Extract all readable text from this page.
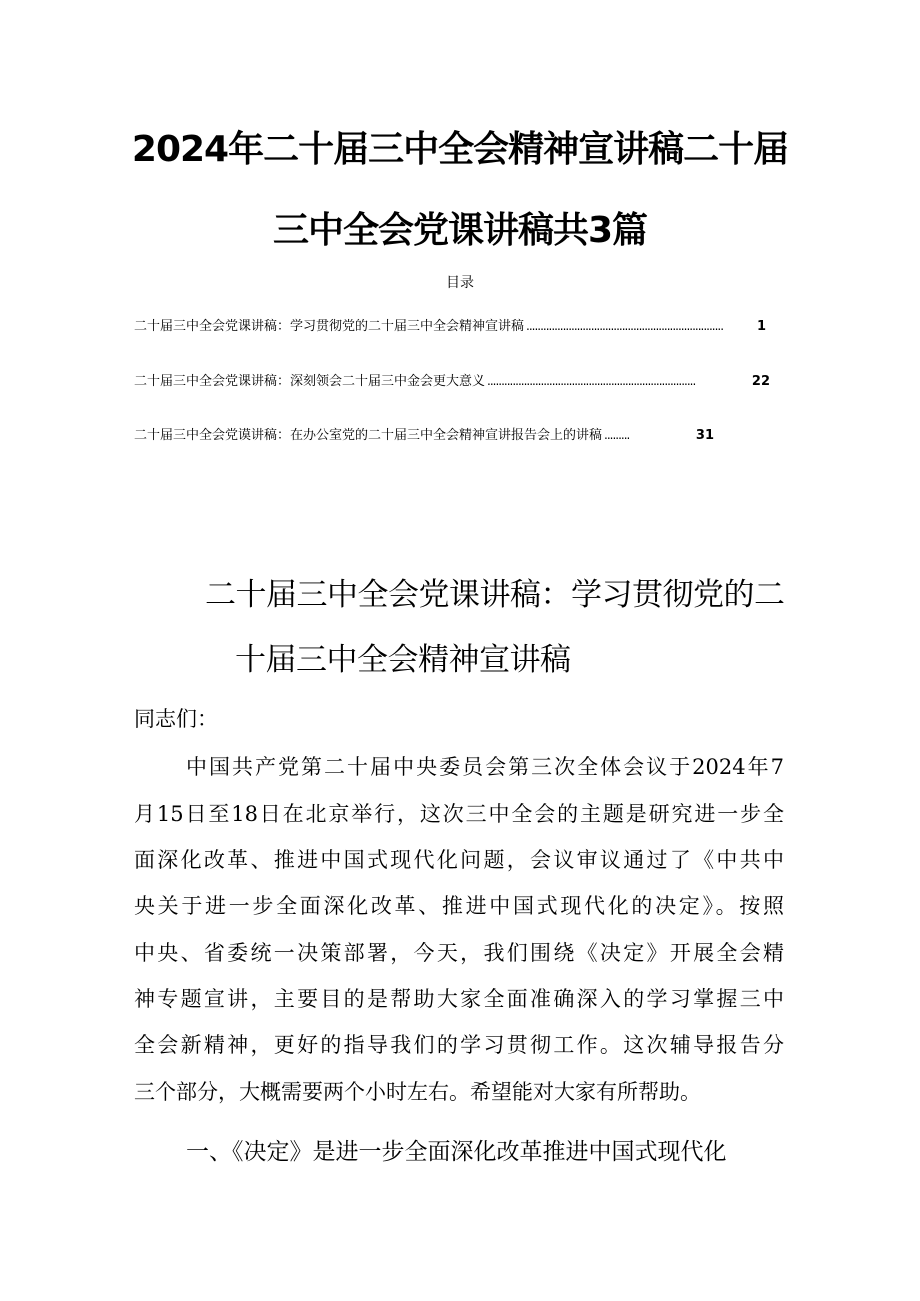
2024年二十届三中全会精神宣讲稿二十届
三中全会党课讲稿共3篇
目录
二十届三中全会党课讲稿：学习贯彻党的二十届三中全会精神宣讲稿 ......................................................................	1
二十届三中全会党课讲稿：深刻领会二十届三中金会更大意义 ..........................................................................	22
二十届三中全会党谟讲稿：在办公室党的二十届三中全会精神宣讲报告会上的讲稿 .........	31
二十届三中全会党课讲稿：学习贯彻党的二
十届三中全会精神宣讲稿
同志们：
中国共产党第二十届中央委员会第三次全体会议于2024年7
月15日至18日在北京举行，这次三中全会的主题是研究进一步全
面深化改革、推进中国式现代化问题，会议审议通过了《中共中
央关于进一步全面深化改革、推进中国式现代化的决定》。按照
中央、省委统一决策部署，今天，我们围绕《决定》开展全会精
神专题宣讲，主要目的是帮助大家全面准确深入的学习掌握三中
全会新精神，更好的指导我们的学习贯彻工作。这次辅导报告分
三个部分，大概需要两个小时左右。希望能对大家有所帮助。
一、《决定》是进一步全面深化改革推进中国式现代化
